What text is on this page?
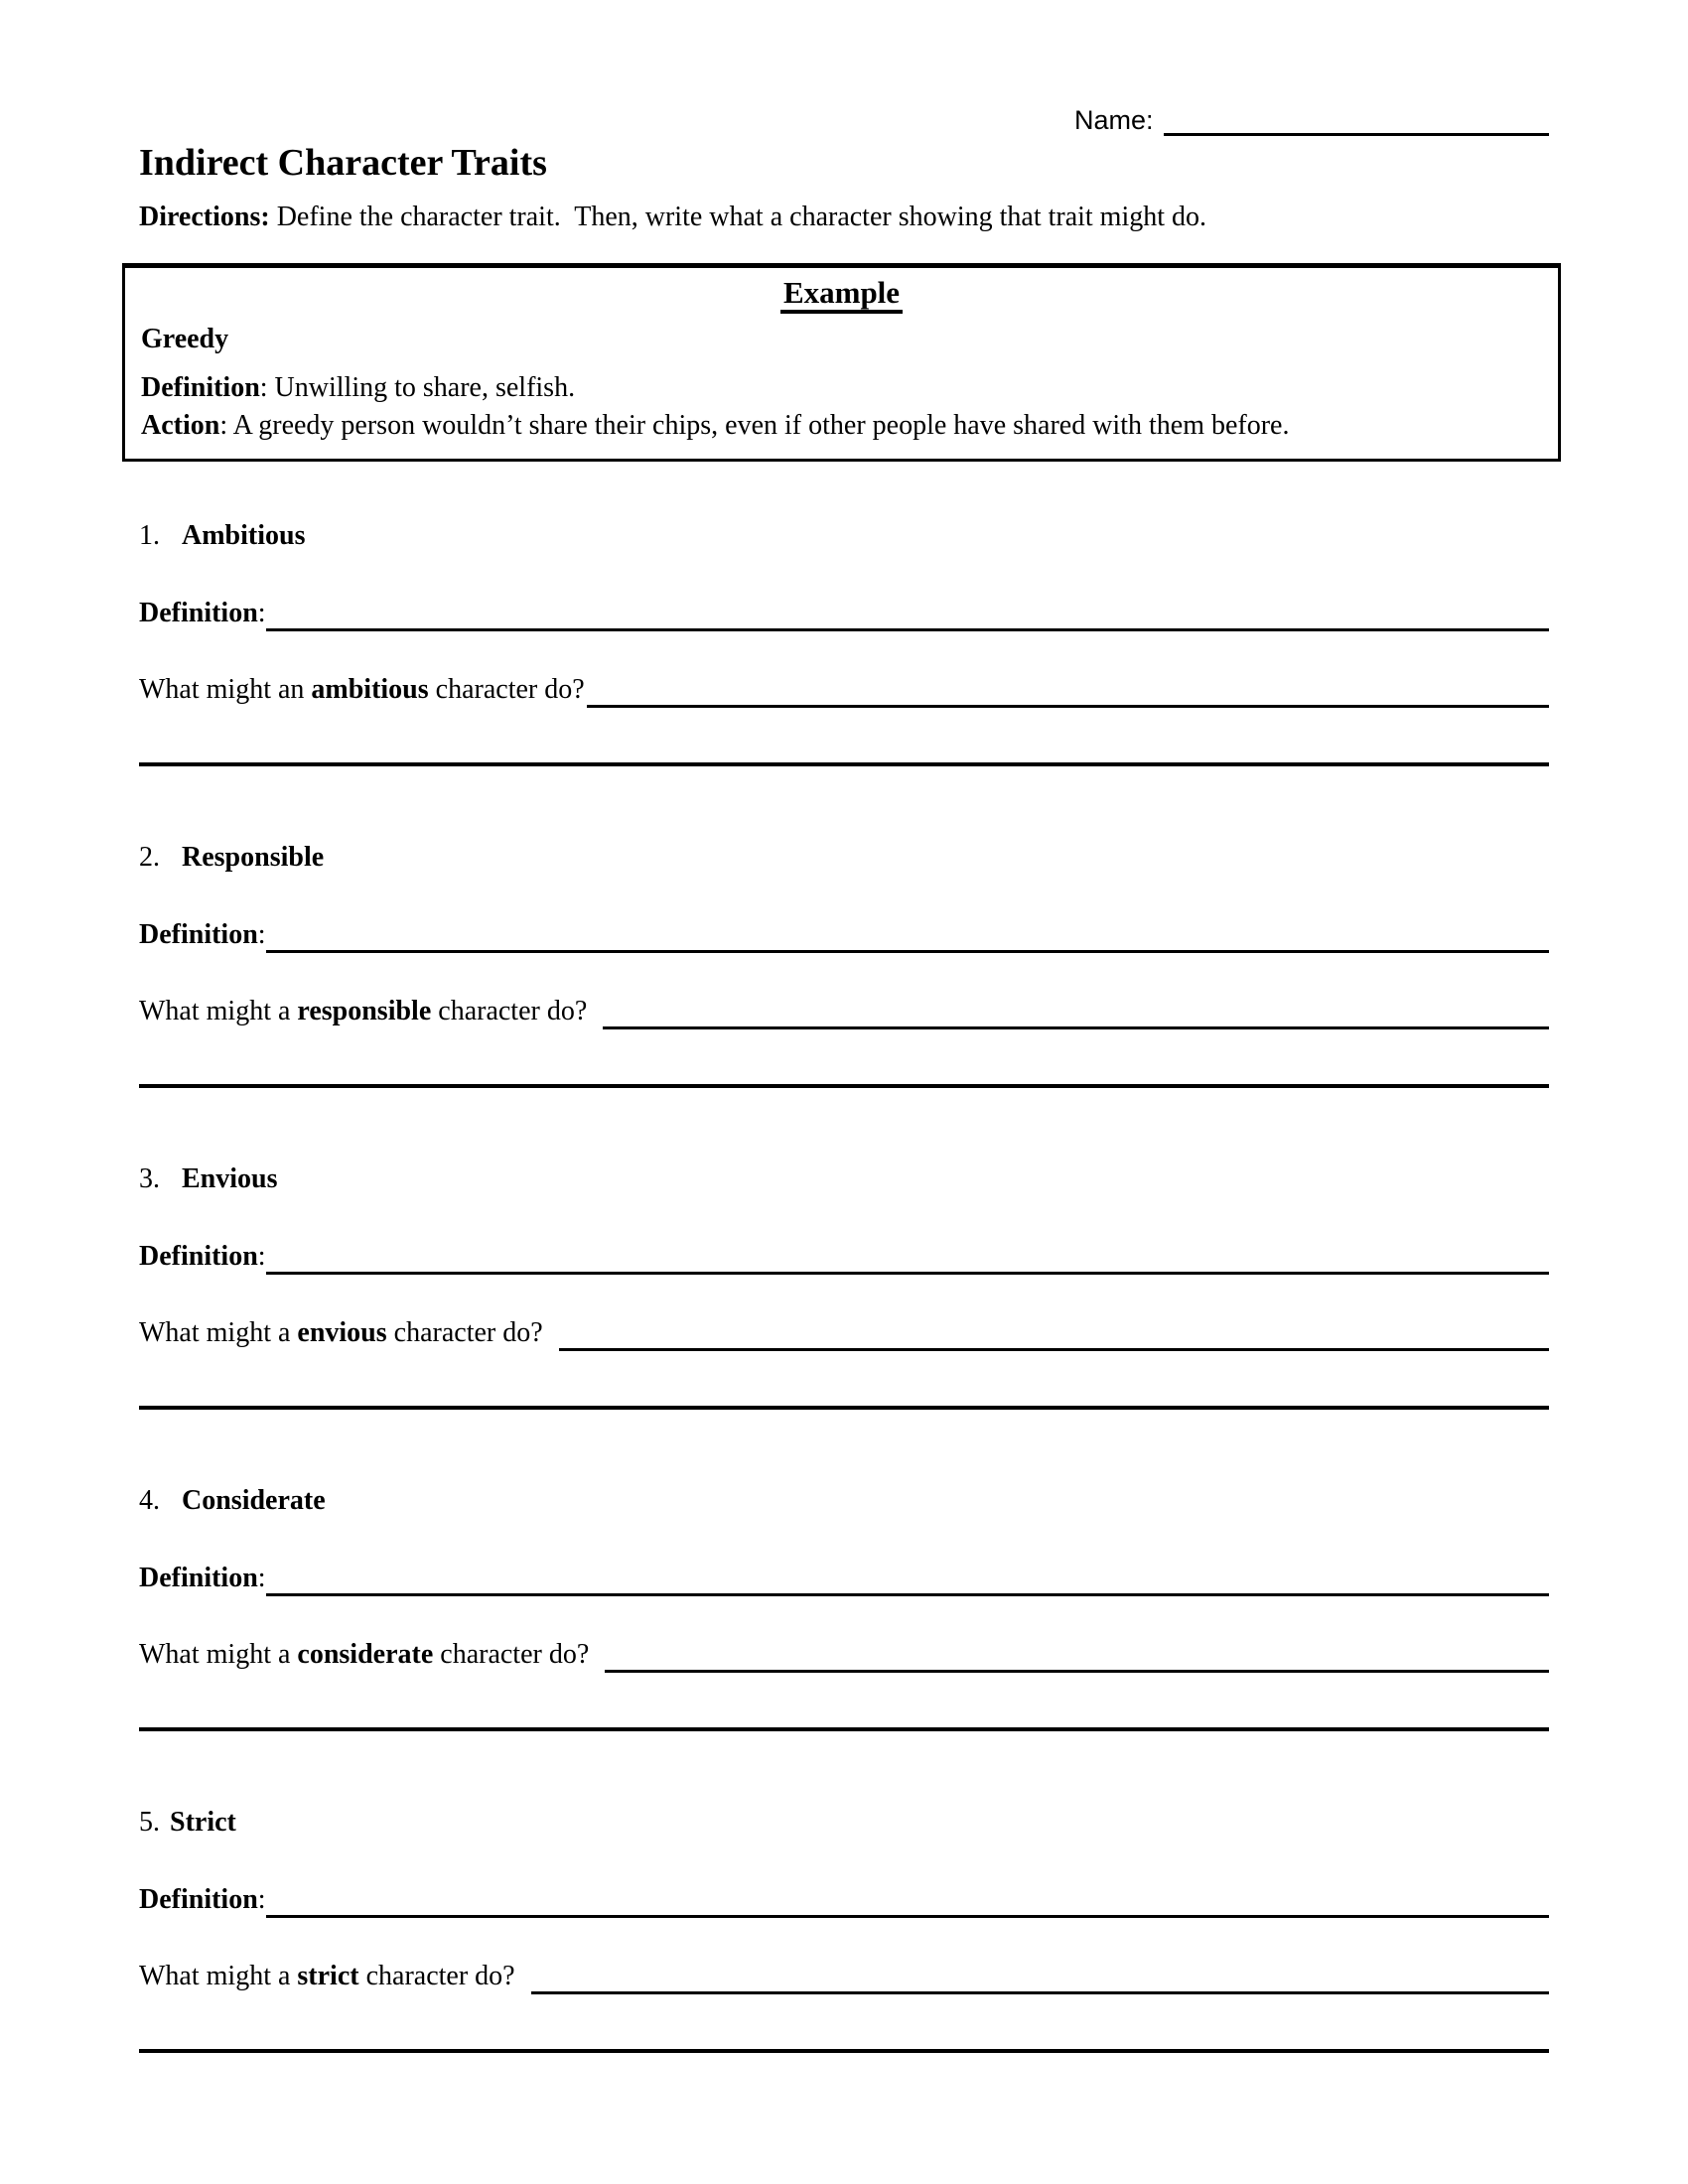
Name:
Indirect Character Traits

Directions: Define the character trait.  Then, write what a character showing that trait might do.

Example
Greedy
Definition: Unwilling to share, selfish.
Action: A greedy person wouldn’t share their chips, even if other people have shared with them before.
1. Ambitious
Definition :
What might an ambitious character do?
2. Responsible
Definition :
What might a responsible character do?
3. Envious
Definition :
What might a envious character do?
4. Considerate
Definition :
What might a considerate character do?
5. Strict
Definition :
What might a strict character do?
